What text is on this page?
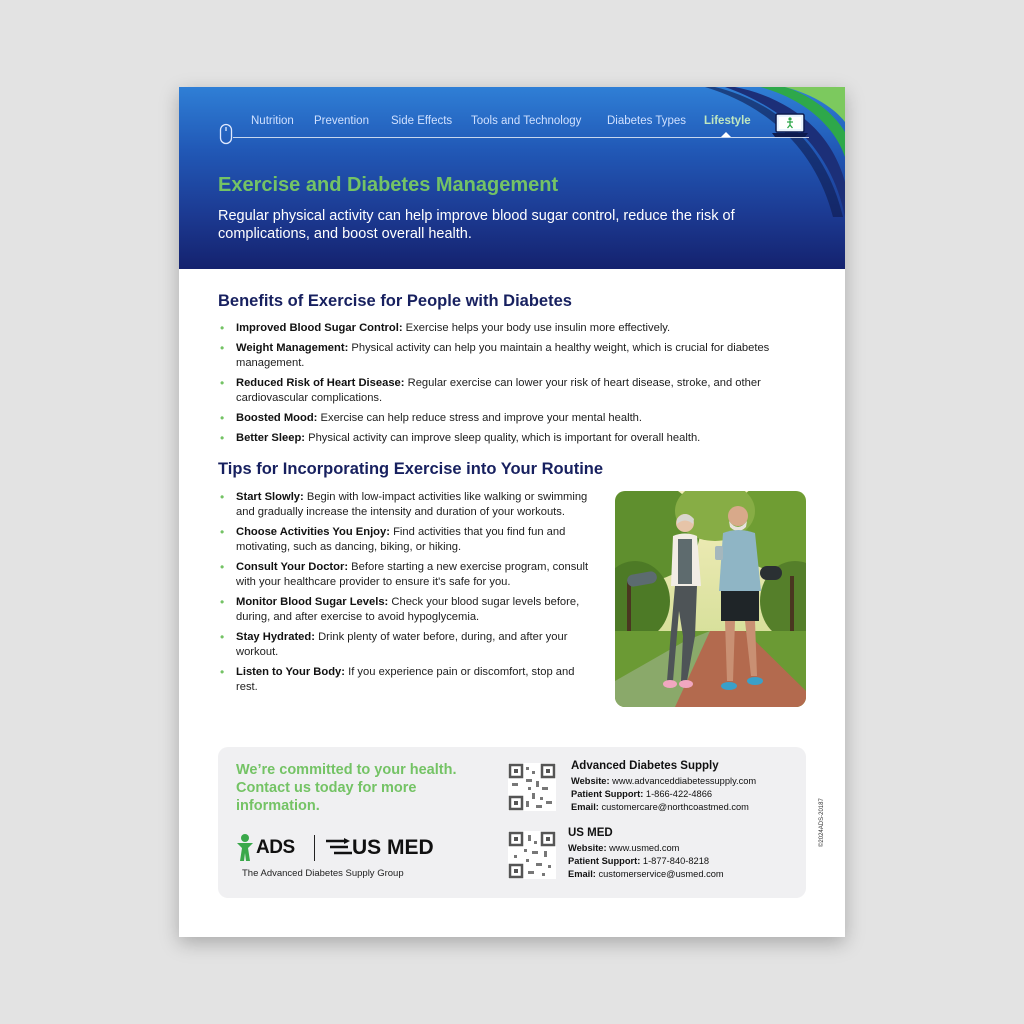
Nutrition Prevention Side Effects Tools and Technology Diabetes Types Lifestyle
Exercise and Diabetes Management
Regular physical activity can help improve blood sugar control, reduce the risk of complications, and boost overall health.
Benefits of Exercise for People with Diabetes
• Improved Blood Sugar Control: Exercise helps your body use insulin more effectively.
• Weight Management: Physical activity can help you maintain a healthy weight, which is crucial for diabetes management.
• Reduced Risk of Heart Disease: Regular exercise can lower your risk of heart disease, stroke, and other cardiovascular complications.
• Boosted Mood: Exercise can help reduce stress and improve your mental health.
• Better Sleep: Physical activity can improve sleep quality, which is important for overall health.
Tips for Incorporating Exercise into Your Routine
• Start Slowly: Begin with low-impact activities like walking or swimming and gradually increase the intensity and duration of your workouts.
• Choose Activities You Enjoy: Find activities that you find fun and motivating, such as dancing, biking, or hiking.
• Consult Your Doctor: Before starting a new exercise program, consult with your healthcare provider to ensure it's safe for you.
• Monitor Blood Sugar Levels: Check your blood sugar levels before, during, and after exercise to avoid hypoglycemia.
• Stay Hydrated: Drink plenty of water before, during, and after your workout.
• Listen to Your Body: If you experience pain or discomfort, stop and rest.
We’re committed to your health. Contact us today for more information.
ADS	US MED
The Advanced Diabetes Supply Group
Advanced Diabetes Supply
Website: www.advanceddiabetessupply.com
Patient Support: 1-866-422-4866
Email: customercare@northcoastmed.com
US MED
Website: www.usmed.com
Patient Support: 1-877-840-8218
Email: customerservice@usmed.com
©2024ADS-20187
